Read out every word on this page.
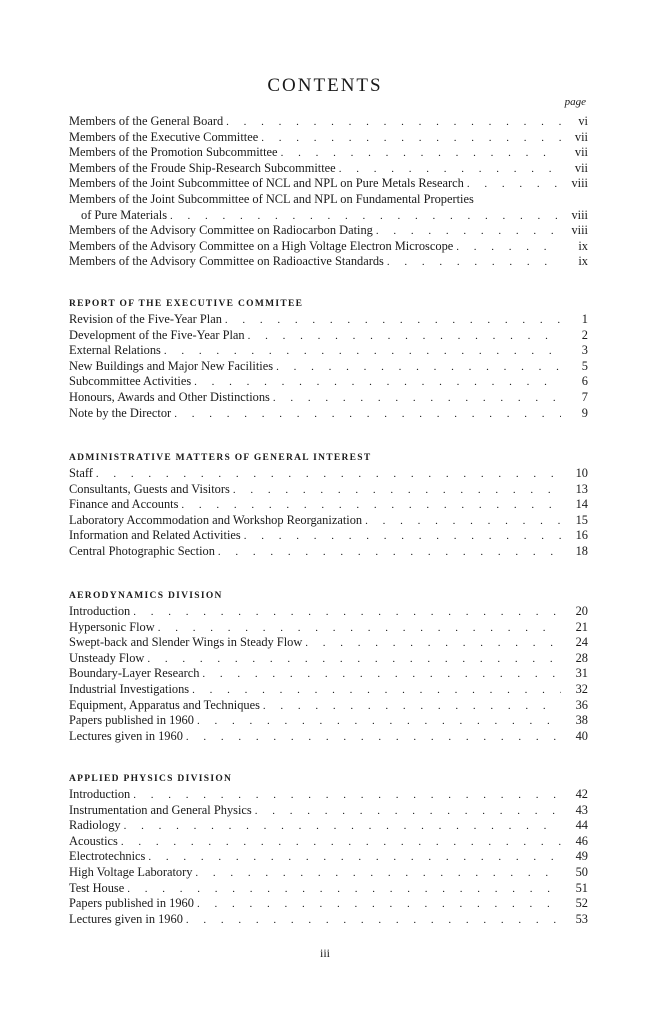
CONTENTS
page
Members of the General Board . . .	vi
Members of the Executive Committee . . .	vii
Members of the Promotion Subcommittee . . .	vii
Members of the Froude Ship-Research Subcommittee . . .	vii
Members of the Joint Subcommittee of NCL and NPL on Pure Metals Research . . .	viii
Members of the Joint Subcommittee of NCL and NPL on Fundamental Properties
of Pure Materials . . .	viii
Members of the Advisory Committee on Radiocarbon Dating . . .	viii
Members of the Advisory Committee on a High Voltage Electron Microscope . . .	ix
Members of the Advisory Committee on Radioactive Standards . . .	ix
REPORT OF THE EXECUTIVE COMMITEE
Revision of the Five-Year Plan . . .	1
Development of the Five-Year Plan . . .	2
External Relations . . .	3
New Buildings and Major New Facilities . . .	5
Subcommittee Activities . . .	6
Honours, Awards and Other Distinctions . . .	7
Note by the Director . . .	9
ADMINISTRATIVE MATTERS OF GENERAL INTEREST
Staff . . .	10
Consultants, Guests and Visitors . . .	13
Finance and Accounts . . .	14
Laboratory Accommodation and Workshop Reorganization . . .	15
Information and Related Activities . . .	16
Central Photographic Section . . .	18
AERODYNAMICS DIVISION
Introduction . . .	20
Hypersonic Flow . . .	21
Swept-back and Slender Wings in Steady Flow . . .	24
Unsteady Flow . . .	28
Boundary-Layer Research . . .	31
Industrial Investigations . . .	32
Equipment, Apparatus and Techniques . . .	36
Papers published in 1960 . . .	38
Lectures given in 1960 . . .	40
APPLIED PHYSICS DIVISION
Introduction . . .	42
Instrumentation and General Physics . . .	43
Radiology . . .	44
Acoustics . . .	46
Electrotechnics . . .	49
High Voltage Laboratory . . .	50
Test House . . .	51
Papers published in 1960 . . .	52
Lectures given in 1960 . . .	53
iii
